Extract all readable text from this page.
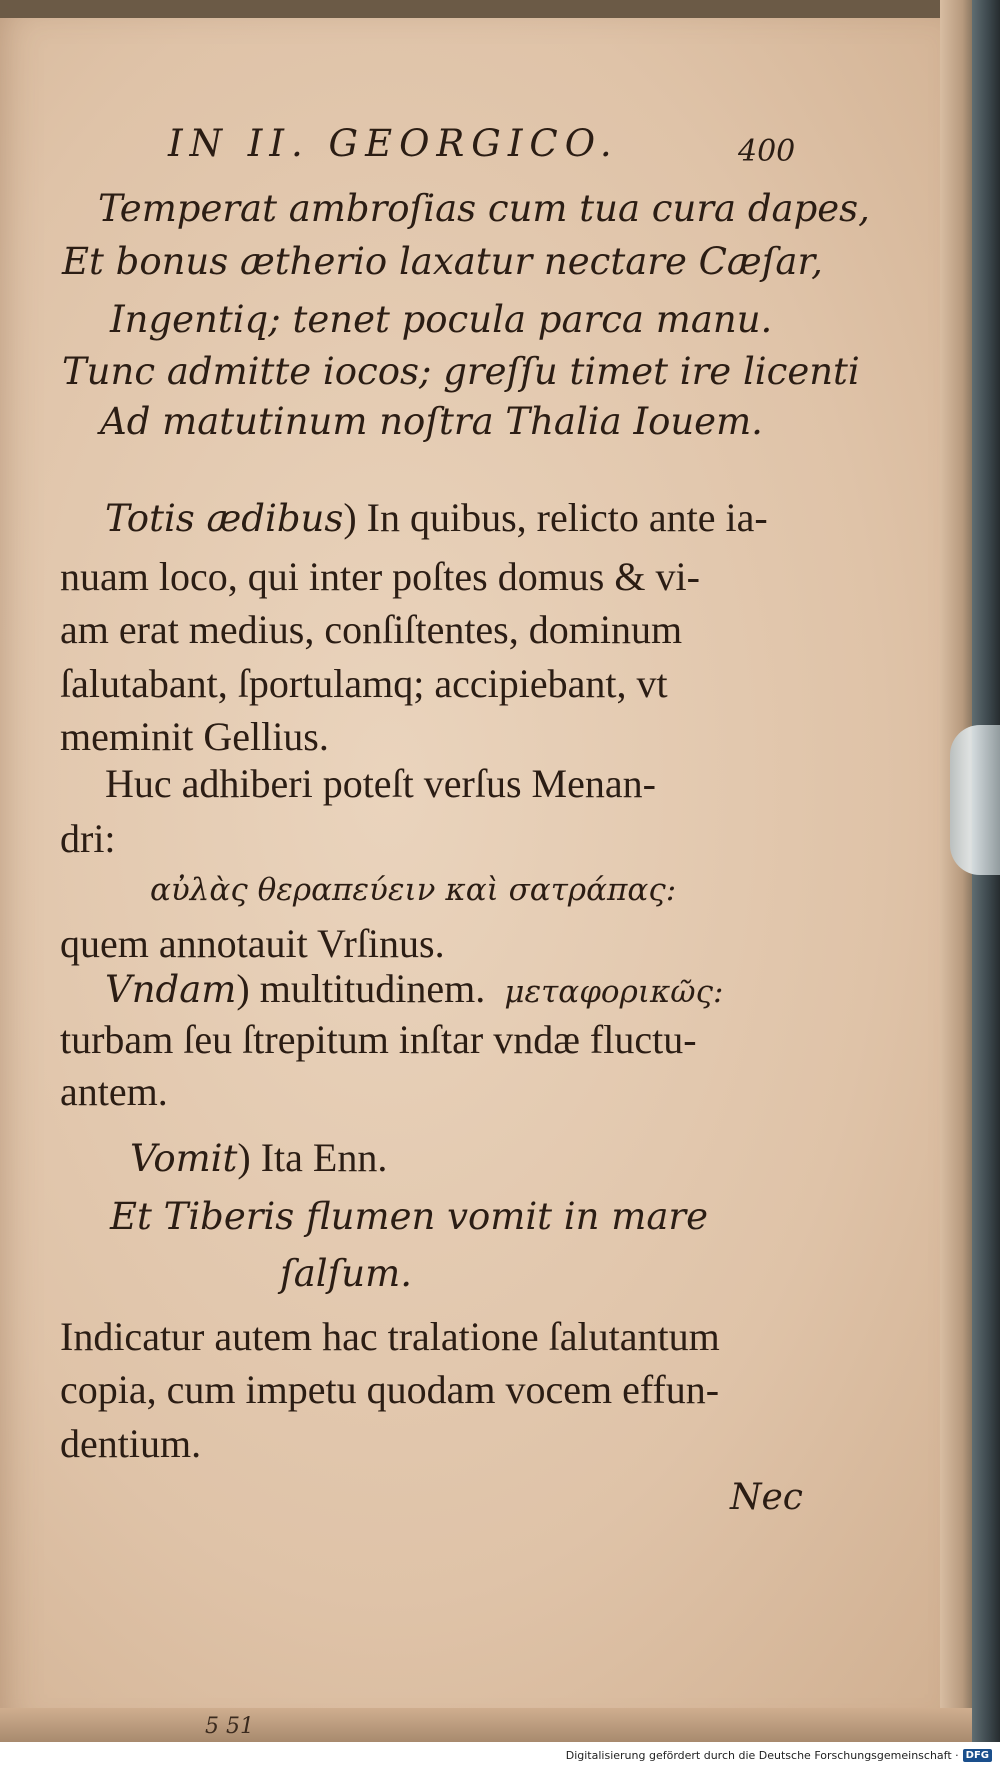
IN II. GEORGICO.	400
Temperat ambroſias cum tua cura dapes,
Et bonus ætherio laxatur nectare Cæſar,
Ingentiq; tenet pocula parca manu.
Tunc admitte iocos; greſſu timet ire licenti
Ad matutinum noſtra Thalia Iouem.
Totis ædibus) In quibus, relicto ante ia-
nuam loco, qui inter poſtes domus & vi-
am erat medius, conſiſtentes, dominum
ſalutabant, ſportulamq; accipiebant, vt
meminit Gellius.
Huc adhiberi poteſt verſus Menan-
dri:
αὐλὰς θεραπεύειν καὶ σατράπας:
quem annotauit Vrſinus.
Vndam) multitudinem. μεταφορικῶς:
turbam ſeu ſtrepitum inſtar vndæ fluctu-
antem.
Vomit) Ita Enn.
Et Tiberis flumen vomit in mare
ſalſum.
Indicatur autem hac tralatione ſalutantum
copia, cum impetu quodam vocem effun-
dentium.
Nec
5 51
Digitalisierung gefördert durch die Deutsche Forschungsgemeinschaft · DFG
